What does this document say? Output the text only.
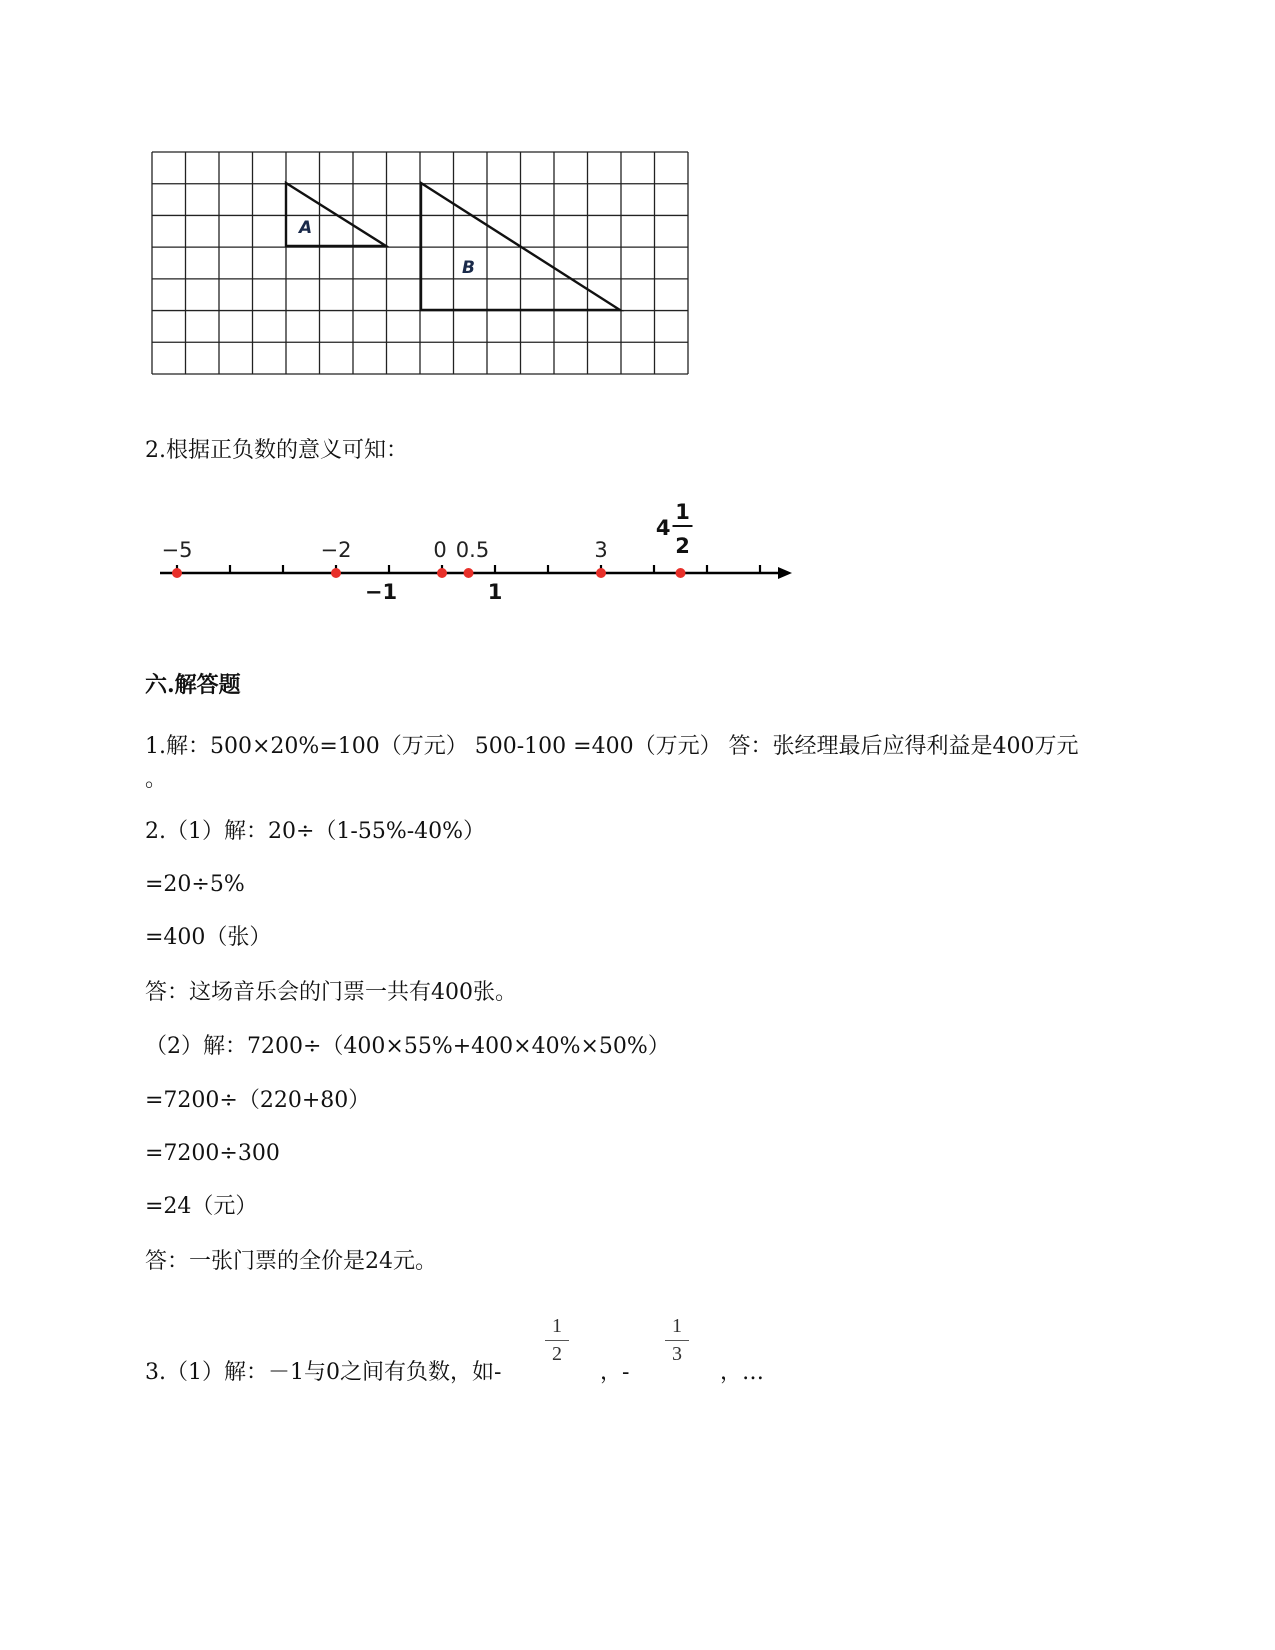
A
B
2.根据正负数的意义可知：
−5	−2	0 0.5	3
4
1
2
−1	1
六.解答题
1.解：500×20%=100（万元） 500-100 =400（万元） 答：张经理最后应得利益是400万元
。
2.（1）解：20÷（1-55%-40%）
=20÷5%
=400（张）
答：这场音乐会的门票一共有400张。
（2）解：7200÷（400×55%+400×40%×50%）
=7200÷（220+80）
=7200÷300
=24（元）
答：一张门票的全价是24元。
3.（1）解：－1与0之间有负数，如-
1
2
，-
1
3
，…
